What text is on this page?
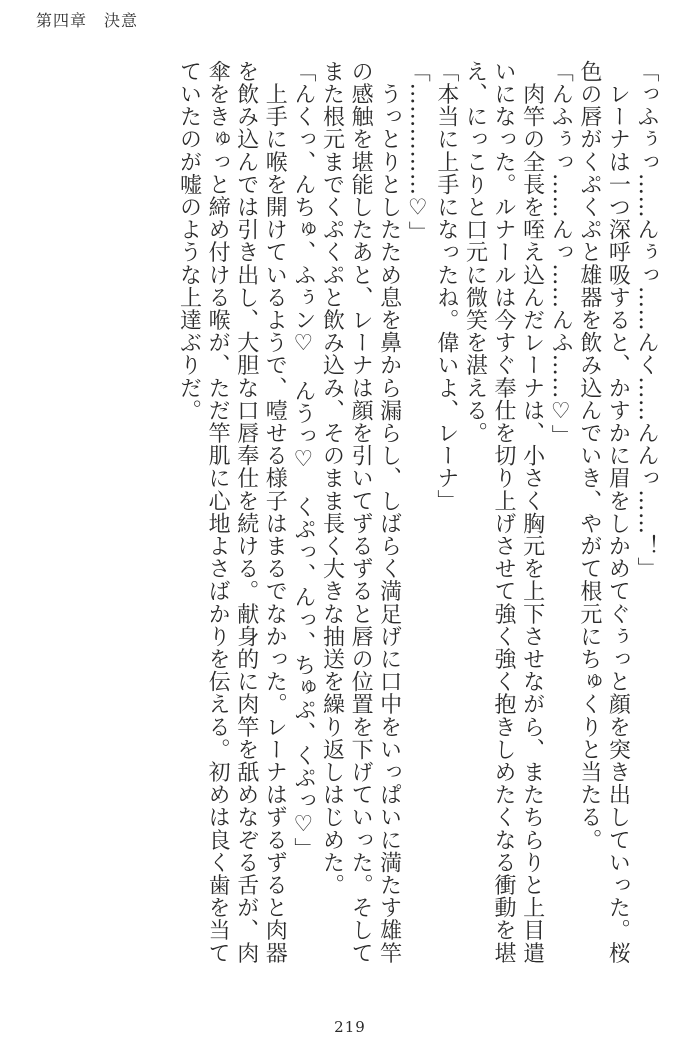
第四章　決意

「っふぅっ……んぅっ……んく……んんっ……！」

　レーナは一つ深呼吸すると、かすかに眉をしかめてぐぅっと顔を突き出していった。桜

色の唇がくぷくぷと雄器を飲み込んでいき、やがて根元にちゅくりと当たる。

「んふぅっ……んっ……んふ……♡」

　肉竿の全長を咥え込んだレーナは、小さく胸元を上下させながら、またちらりと上目遣

いになった。ルナールは今すぐ奉仕を切り上げさせて強く強く抱きしめたくなる衝動を堪

え、にっこりと口元に微笑を湛える。

「本当に上手になったね。偉いよ、レーナ」

「……………♡」

　うっとりとしたため息を鼻から漏らし、しばらく満足げに口中をいっぱいに満たす雄竿

の感触を堪能したあと、レーナは顔を引いてずるずると唇の位置を下げていった。そして

また根元までくぷくぷと飲み込み、そのまま長く大きな抽送を繰り返しはじめた。

「んくっ、んちゅ、ふぅン♡　んうっ♡　くぷっ、んっ、ちゅぷ、くぷっ♡」

　上手に喉を開けているようで、噎せる様子はまるでなかった。レーナはずるずると肉器

を飲み込んでは引き出し、大胆な口唇奉仕を続ける。献身的に肉竿を舐めなぞる舌が、肉

傘をきゅっと締め付ける喉が、ただ竿肌に心地よさばかりを伝える。初めは良く歯を当て

ていたのが嘘のような上達ぶりだ。

219
